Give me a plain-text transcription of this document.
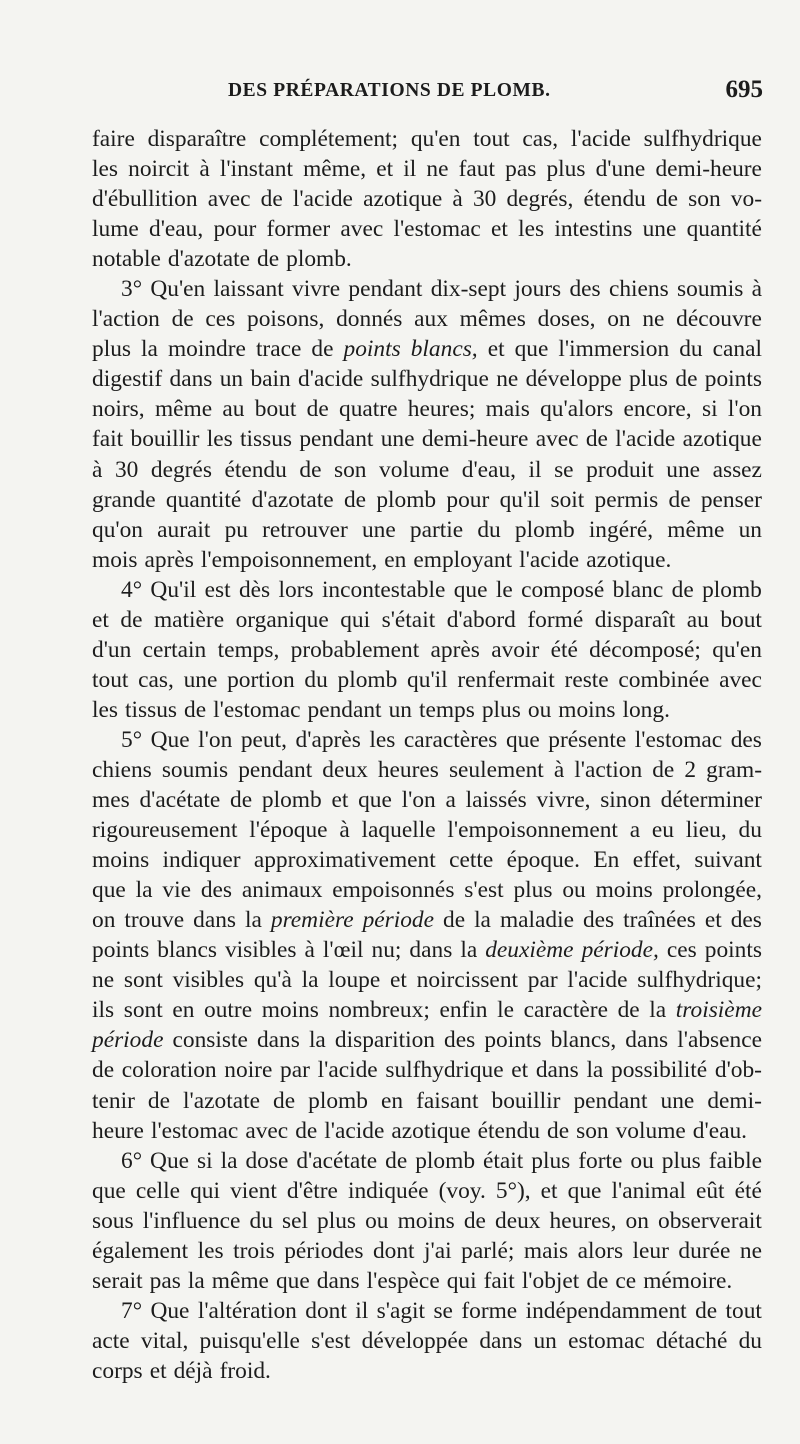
DES PRÉPARATIONS DE PLOMB.	695
faire disparaître complétement; qu'en tout cas, l'acide sulfhydrique
les noircit à l'instant même, et il ne faut pas plus d'une demi-heure
d'ébullition avec de l'acide azotique à 30 degrés, étendu de son vo-
lume d'eau, pour former avec l'estomac et les intestins une quantité
notable d'azotate de plomb.
3° Qu'en laissant vivre pendant dix-sept jours des chiens soumis à
l'action de ces poisons, donnés aux mêmes doses, on ne découvre
plus la moindre trace de points blancs, et que l'immersion du canal
digestif dans un bain d'acide sulfhydrique ne développe plus de points
noirs, même au bout de quatre heures; mais qu'alors encore, si l'on
fait bouillir les tissus pendant une demi-heure avec de l'acide azotique
à 30 degrés étendu de son volume d'eau, il se produit une assez
grande quantité d'azotate de plomb pour qu'il soit permis de penser
qu'on aurait pu retrouver une partie du plomb ingéré, même un
mois après l'empoisonnement, en employant l'acide azotique.
4° Qu'il est dès lors incontestable que le composé blanc de plomb
et de matière organique qui s'était d'abord formé disparaît au bout
d'un certain temps, probablement après avoir été décomposé; qu'en
tout cas, une portion du plomb qu'il renfermait reste combinée avec
les tissus de l'estomac pendant un temps plus ou moins long.
5° Que l'on peut, d'après les caractères que présente l'estomac des
chiens soumis pendant deux heures seulement à l'action de 2 gram-
mes d'acétate de plomb et que l'on a laissés vivre, sinon déterminer
rigoureusement l'époque à laquelle l'empoisonnement a eu lieu, du
moins indiquer approximativement cette époque. En effet, suivant
que la vie des animaux empoisonnés s'est plus ou moins prolongée,
on trouve dans la première période de la maladie des traînées et des
points blancs visibles à l'œil nu; dans la deuxième période, ces points
ne sont visibles qu'à la loupe et noircissent par l'acide sulfhydrique;
ils sont en outre moins nombreux; enfin le caractère de la troisième
période consiste dans la disparition des points blancs, dans l'absence
de coloration noire par l'acide sulfhydrique et dans la possibilité d'ob-
tenir de l'azotate de plomb en faisant bouillir pendant une demi-
heure l'estomac avec de l'acide azotique étendu de son volume d'eau.
6° Que si la dose d'acétate de plomb était plus forte ou plus faible
que celle qui vient d'être indiquée (voy. 5°), et que l'animal eût été
sous l'influence du sel plus ou moins de deux heures, on observerait
également les trois périodes dont j'ai parlé; mais alors leur durée ne
serait pas la même que dans l'espèce qui fait l'objet de ce mémoire.
7° Que l'altération dont il s'agit se forme indépendamment de tout
acte vital, puisqu'elle s'est développée dans un estomac détaché du
corps et déjà froid.
